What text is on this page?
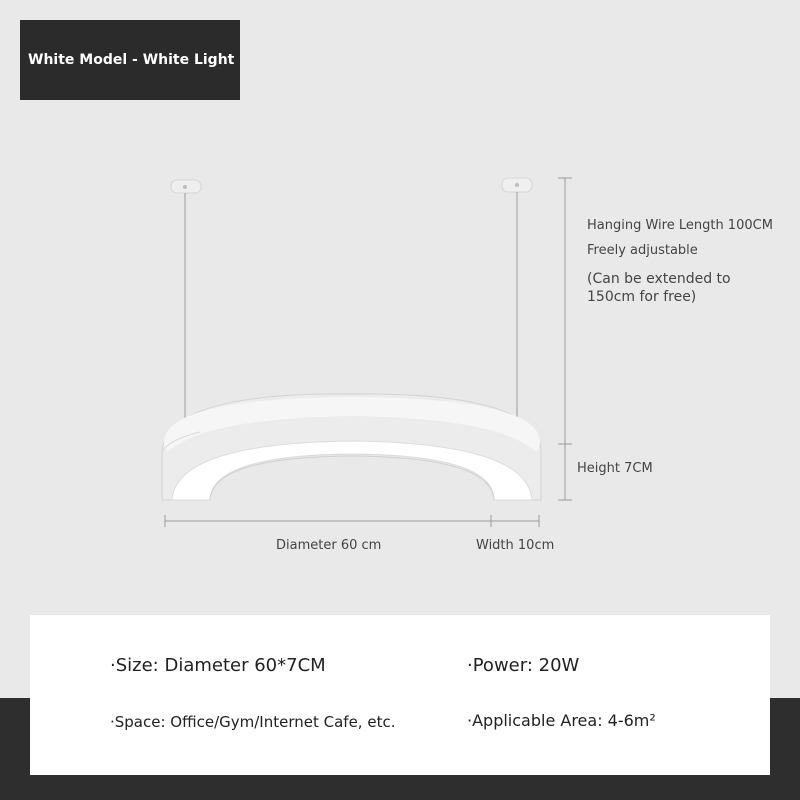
White Model - White Light
Hanging Wire Length 100CM
Freely adjustable
(Can be extended to 150cm for free)
Height 7CM
Diameter 60 cm	Width 10cm
·Size: Diameter 60*7CM	·Power: 20W
·Space: Office/Gym/Internet Cafe, etc.	·Applicable Area: 4-6m²
